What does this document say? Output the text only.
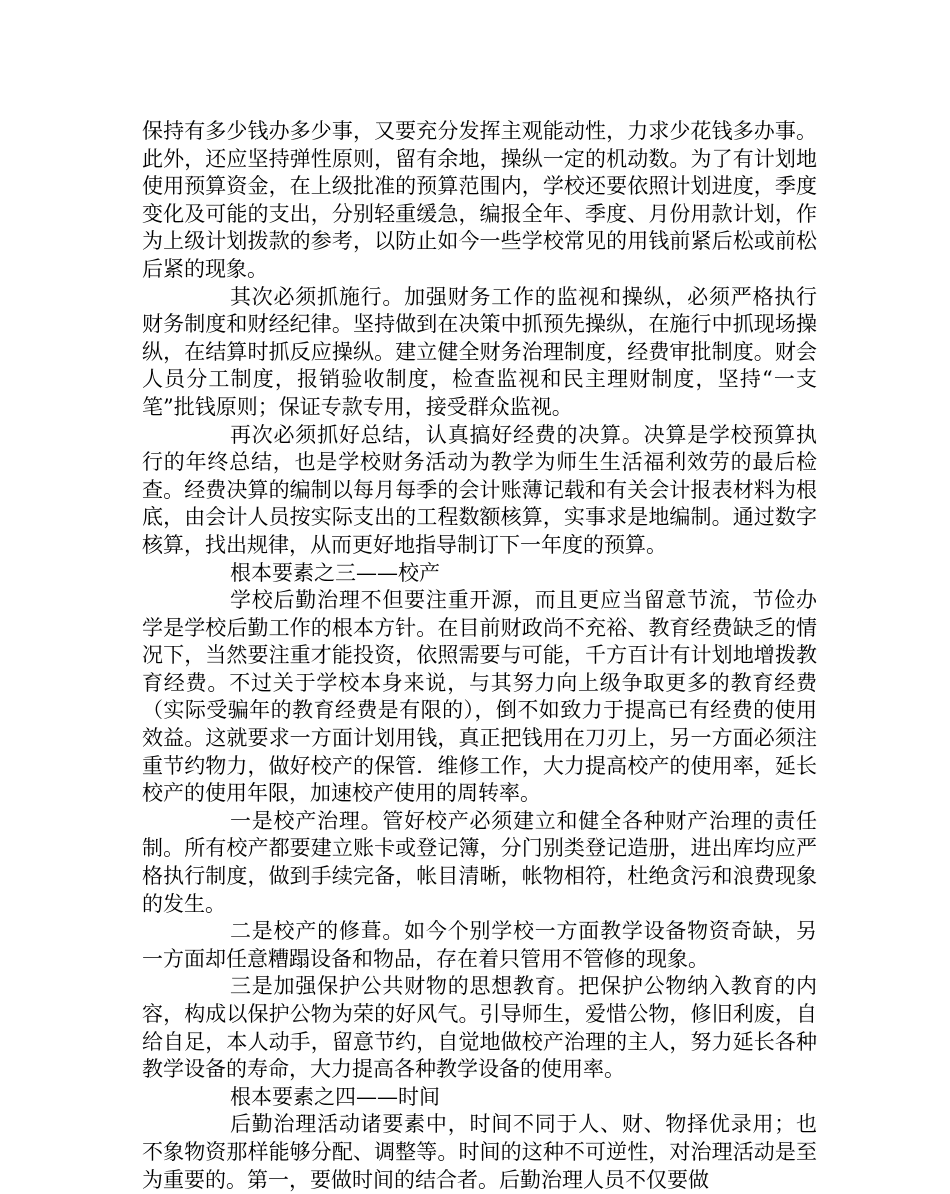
保持有多少钱办多少事，又要充分发挥主观能动性，力求少花钱多办事。此外，还应坚持弹性原则，留有余地，操纵一定的机动数。为了有计划地使用预算资金，在上级批准的预算范围内，学校还要依照计划进度，季度变化及可能的支出，分别轻重缓急，编报全年、季度、月份用款计划，作为上级计划拨款的参考，以防止如今一些学校常见的用钱前紧后松或前松后紧的现象。

其次必须抓施行。加强财务工作的监视和操纵，必须严格执行财务制度和财经纪律。坚持做到在决策中抓预先操纵，在施行中抓现场操纵，在结算时抓反应操纵。建立健全财务治理制度，经费审批制度。财会人员分工制度，报销验收制度，检查监视和民主理财制度，坚持“一支笔”批钱原则；保证专款专用，接受群众监视。

再次必须抓好总结，认真搞好经费的决算。决算是学校预算执行的年终总结，也是学校财务活动为教学为师生生活福利效劳的最后检查。经费决算的编制以每月每季的会计账薄记载和有关会计报表材料为根底，由会计人员按实际支出的工程数额核算，实事求是地编制。通过数字核算，找出规律，从而更好地指导制订下一年度的预算。

根本要素之三——校产

学校后勤治理不但要注重开源，而且更应当留意节流，节俭办学是学校后勤工作的根本方针。在目前财政尚不充裕、教育经费缺乏的情况下，当然要注重才能投资，依照需要与可能，千方百计有计划地增拨教育经费。不过关于学校本身来说，与其努力向上级争取更多的教育经费（实际受骗年的教育经费是有限的），倒不如致力于提高已有经费的使用效益。这就要求一方面计划用钱，真正把钱用在刀刃上，另一方面必须注重节约物力，做好校产的保管．维修工作，大力提高校产的使用率，延长校产的使用年限，加速校产使用的周转率。

一是校产治理。管好校产必须建立和健全各种财产治理的责任制。所有校产都要建立账卡或登记簿，分门别类登记造册，进出库均应严格执行制度，做到手续完备，帐目清晰，帐物相符，杜绝贪污和浪费现象的发生。

二是校产的修葺。如今个别学校一方面教学设备物资奇缺，另一方面却任意糟蹋设备和物品，存在着只管用不管修的现象。

三是加强保护公共财物的思想教育。把保护公物纳入教育的内容，构成以保护公物为荣的好风气。引导师生，爱惜公物，修旧利废，自给自足，本人动手，留意节约，自觉地做校产治理的主人，努力延长各种教学设备的寿命，大力提高各种教学设备的使用率。

根本要素之四——时间

后勤治理活动诸要素中，时间不同于人、财、物择优录用；也不象物资那样能够分配、调整等。时间的这种不可逆性，对治理活动是至为重要的。第一，要做时间的结合者。后勤治理人员不仅要做
